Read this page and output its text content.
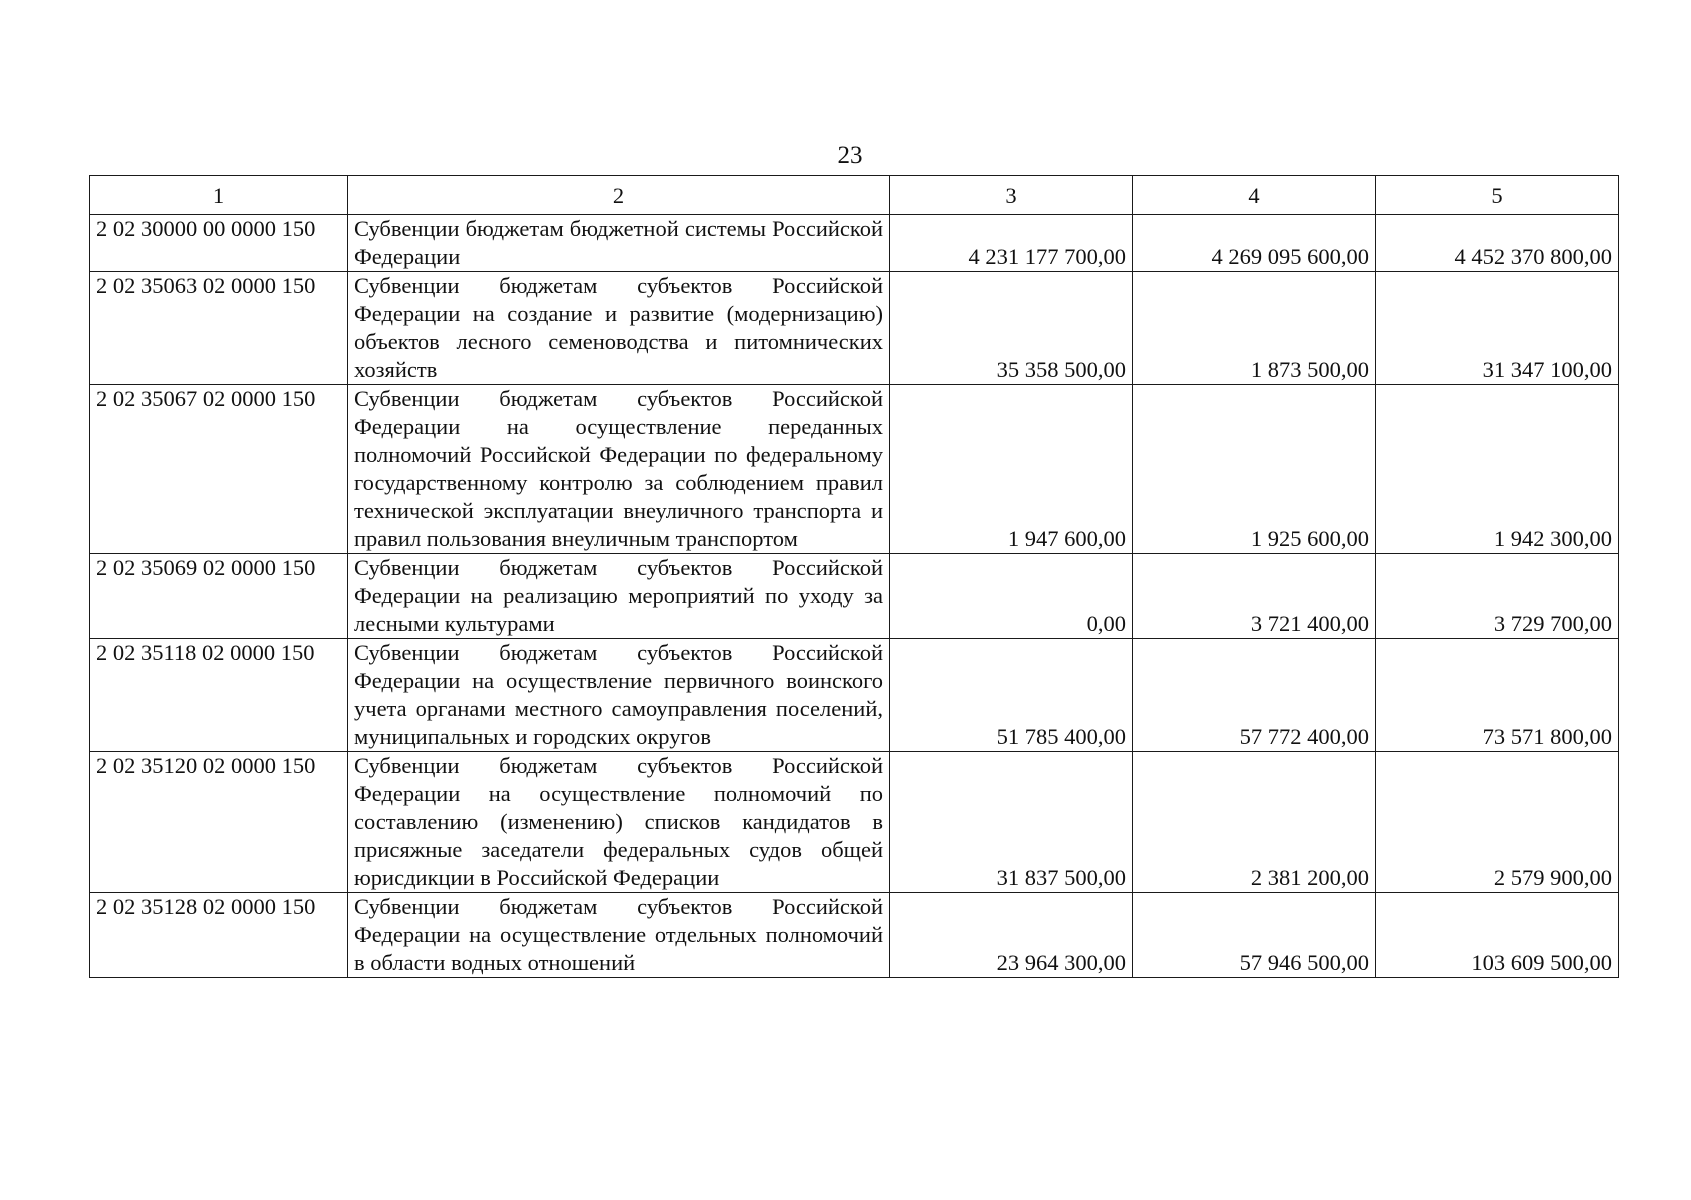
23
1	2	3	4	5
2 02 30000 00 0000 150	Субвенции бюджетам бюджетной системы Российской Федерации	4 231 177 700,00	4 269 095 600,00	4 452 370 800,00
2 02 35063 02 0000 150	Субвенции бюджетам субъектов Российской Федерации на создание и развитие (модернизацию) объектов лесного семеноводства и питомнических хозяйств	35 358 500,00	1 873 500,00	31 347 100,00
2 02 35067 02 0000 150	Субвенции бюджетам субъектов Российской Федерации на осуществление переданных полномочий Российской Федерации по федеральному государственному контролю за соблюдением правил технической эксплуатации внеуличного транспорта и правил пользования внеуличным транспортом	1 947 600,00	1 925 600,00	1 942 300,00
2 02 35069 02 0000 150	Субвенции бюджетам субъектов Российской Федерации на реализацию мероприятий по уходу за лесными культурами	0,00	3 721 400,00	3 729 700,00
2 02 35118 02 0000 150	Субвенции бюджетам субъектов Российской Федерации на осуществление первичного воинского учета органами местного самоуправления поселений, муниципальных и городских округов	51 785 400,00	57 772 400,00	73 571 800,00
2 02 35120 02 0000 150	Субвенции бюджетам субъектов Российской Федерации на осуществление полномочий по составлению (изменению) списков кандидатов в присяжные заседатели федеральных судов общей юрисдикции в Российской Федерации	31 837 500,00	2 381 200,00	2 579 900,00
2 02 35128 02 0000 150	Субвенции бюджетам субъектов Российской Федерации на осуществление отдельных полномочий в области водных отношений	23 964 300,00	57 946 500,00	103 609 500,00
